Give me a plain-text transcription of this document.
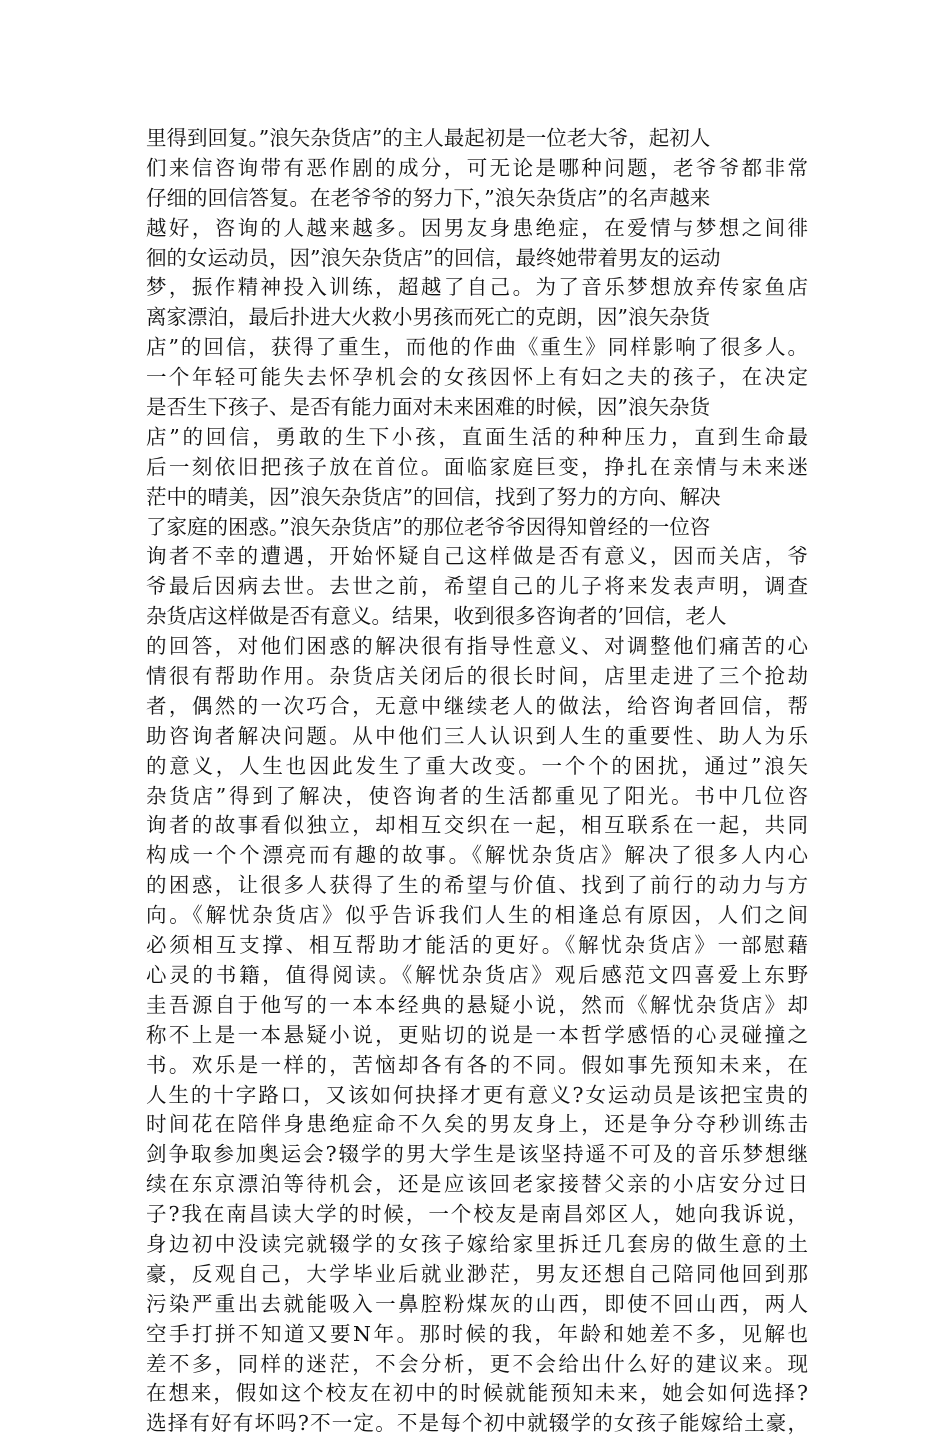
里得到回复。”浪矢杂货店”的主人最起初是一位老大爷，起初人
们来信咨询带有恶作剧的成分，可无论是哪种问题，老爷爷都非常
仔细的回信答复。在老爷爷的努力下，”浪矢杂货店”的名声越来
越好，咨询的人越来越多。因男友身患绝症，在爱情与梦想之间徘
徊的女运动员，因”浪矢杂货店”的回信，最终她带着男友的运动
梦，振作精神投入训练，超越了自己。为了音乐梦想放弃传家鱼店
离家漂泊，最后扑进大火救小男孩而死亡的克朗，因”浪矢杂货
店”的回信，获得了重生，而他的作曲《重生》同样影响了很多人。
一个年轻可能失去怀孕机会的女孩因怀上有妇之夫的孩子，在决定
是否生下孩子、是否有能力面对未来困难的时候，因”浪矢杂货
店”的回信，勇敢的生下小孩，直面生活的种种压力，直到生命最
后一刻依旧把孩子放在首位。面临家庭巨变，挣扎在亲情与未来迷
茫中的晴美，因”浪矢杂货店”的回信，找到了努力的方向、解决
了家庭的困惑。”浪矢杂货店”的那位老爷爷因得知曾经的一位咨
询者不幸的遭遇，开始怀疑自己这样做是否有意义，因而关店，爷
爷最后因病去世。去世之前，希望自己的儿子将来发表声明，调查
杂货店这样做是否有意义。结果，收到很多咨询者的’回信，老人
的回答，对他们困惑的解决很有指导性意义、对调整他们痛苦的心
情很有帮助作用。杂货店关闭后的很长时间，店里走进了三个抢劫
者，偶然的一次巧合，无意中继续老人的做法，给咨询者回信，帮
助咨询者解决问题。从中他们三人认识到人生的重要性、助人为乐
的意义，人生也因此发生了重大改变。一个个的困扰，通过”浪矢
杂货店”得到了解决，使咨询者的生活都重见了阳光。书中几位咨
询者的故事看似独立，却相互交织在一起，相互联系在一起，共同
构成一个个漂亮而有趣的故事。《解忧杂货店》解决了很多人内心
的困惑，让很多人获得了生的希望与价值、找到了前行的动力与方
向。《解忧杂货店》似乎告诉我们人生的相逢总有原因，人们之间
必须相互支撑、相互帮助才能活的更好。《解忧杂货店》一部慰藉
心灵的书籍，值得阅读。《解忧杂货店》观后感范文四喜爱上东野
圭吾源自于他写的一本本经典的悬疑小说，然而《解忧杂货店》却
称不上是一本悬疑小说，更贴切的说是一本哲学感悟的心灵碰撞之
书。欢乐是一样的，苦恼却各有各的不同。假如事先预知未来，在
人生的十字路口，又该如何抉择才更有意义?女运动员是该把宝贵的
时间花在陪伴身患绝症命不久矣的男友身上，还是争分夺秒训练击
剑争取参加奥运会?辍学的男大学生是该坚持遥不可及的音乐梦想继
续在东京漂泊等待机会，还是应该回老家接替父亲的小店安分过日
子?我在南昌读大学的时候，一个校友是南昌郊区人，她向我诉说，
身边初中没读完就辍学的女孩子嫁给家里拆迁几套房的做生意的土
豪，反观自己，大学毕业后就业渺茫，男友还想自己陪同他回到那
污染严重出去就能吸入一鼻腔粉煤灰的山西，即使不回山西，两人
空手打拼不知道又要N年。那时候的我，年龄和她差不多，见解也
差不多，同样的迷茫，不会分析，更不会给出什么好的建议来。现
在想来，假如这个校友在初中的时候就能预知未来，她会如何选择?
选择有好有坏吗?不一定。不是每个初中就辍学的女孩子能嫁给土豪，
